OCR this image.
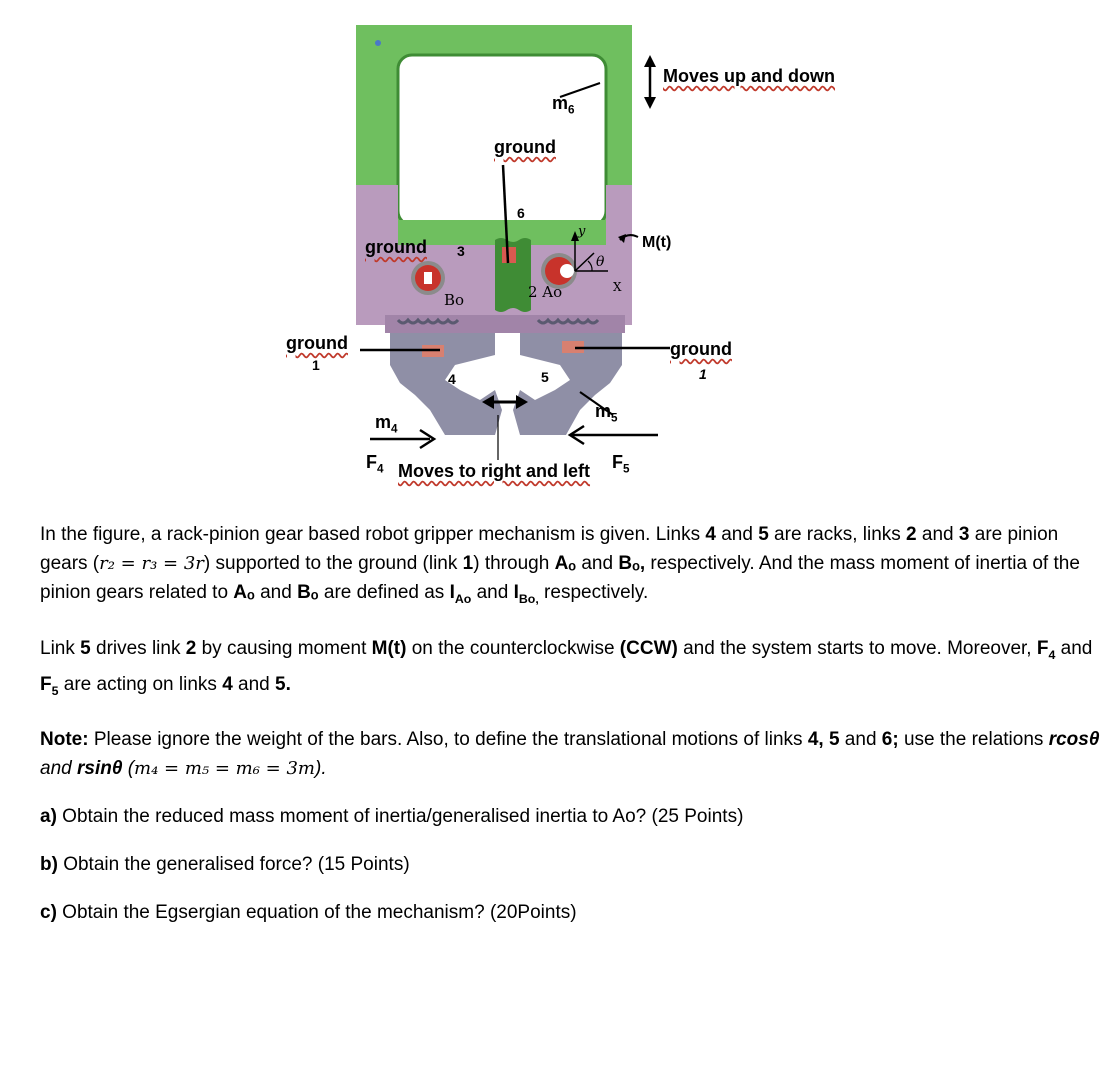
$m_6$
Moves up and down
ground
6
ground 3	M(t)
y
θ
Bo	2 Ao	X
ground
1
ground
1
4	5
$m_5$
$m_4$
$F_4$ Moves to right and left $F_5$

In the figure, a rack-pinion gear based robot gripper mechanism is given. Links 4 and 5 are racks, links 2 and 3 are pinion gears (r₂ = r₃ = 3r) supported to the ground (link 1) through Aₒ and Bₒ, respectively. And the mass moment of inertia of the pinion gears related to Aₒ and Bₒ are defined as $I_{Ao}$ and $I_{Bo,}$ respectively.

Link 5 drives link 2 by causing moment M(t) on the counterclockwise (CCW) and the system starts to move. Moreover, $F_4$ and $F_5$ are acting on links 4 and 5.

Note: Please ignore the weight of the bars. Also, to define the translational motions of links 4, 5 and 6; use the relations rcosθ and rsinθ (m₄ = m₅ = m₆ = 3m).

a) Obtain the reduced mass moment of inertia/generalised inertia to Ao? (25 Points)

b) Obtain the generalised force? (15 Points)

c) Obtain the Egsergian equation of the mechanism? (20Points)
